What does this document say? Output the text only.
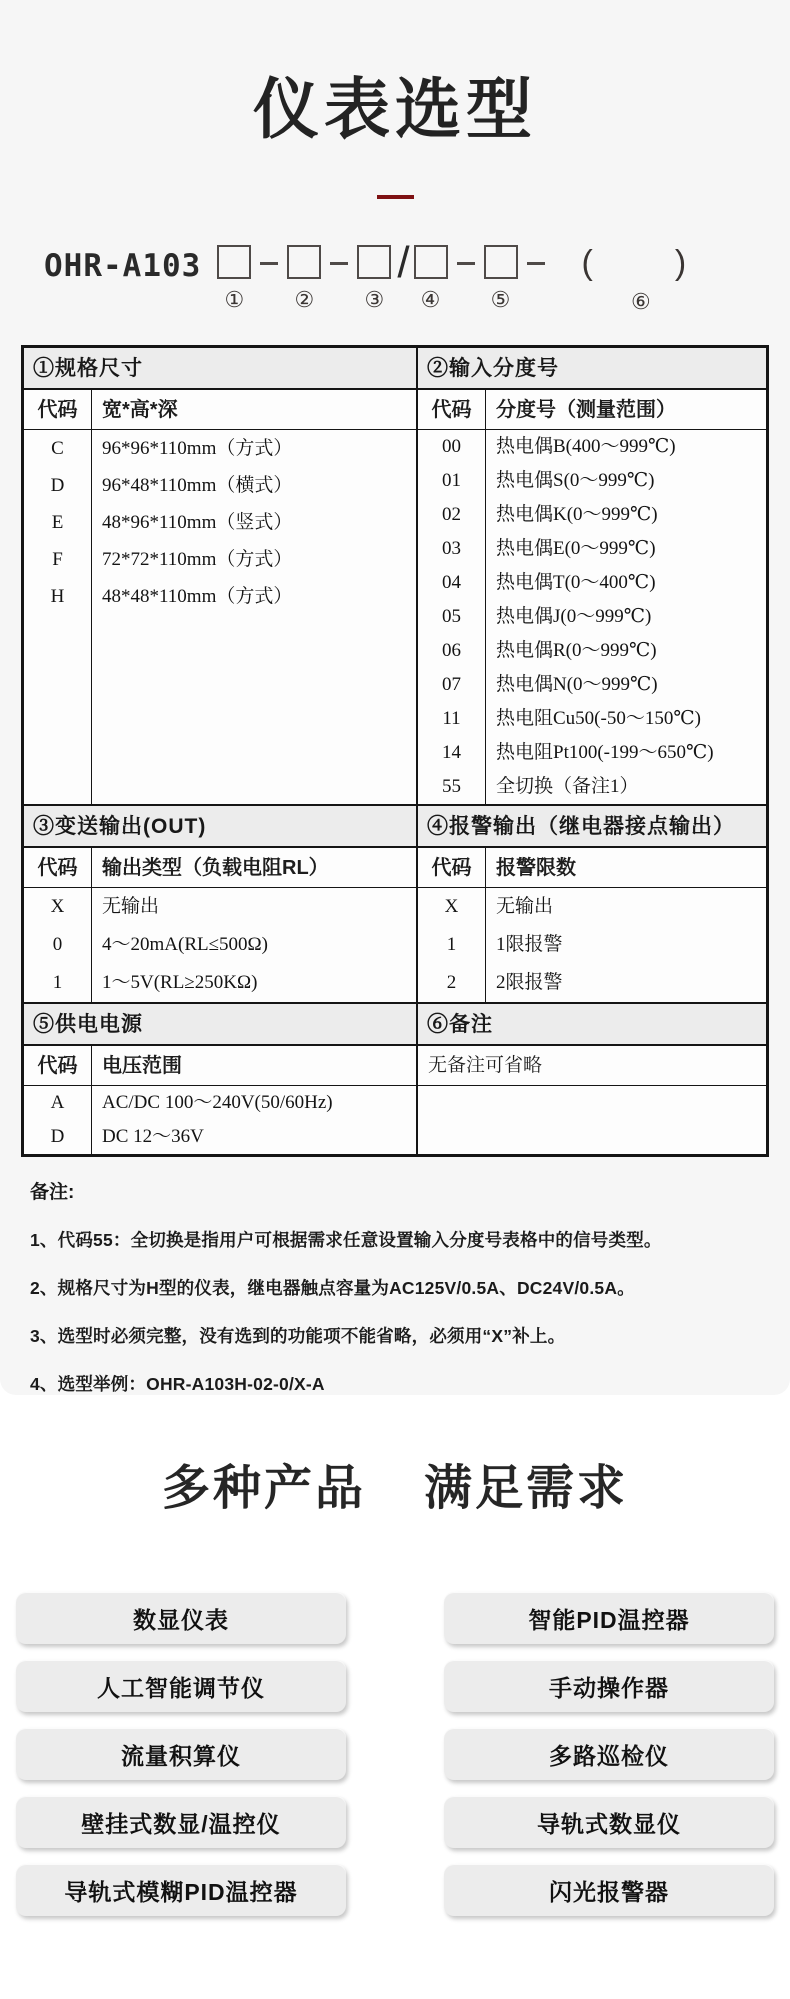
仪表选型
OHR-A103
① ② ③
/
④ ⑤
(　)
⑥
①规格尺寸
代码	宽*高*深
C	96*96*110mm（方式）
D	96*48*110mm（横式）
E	48*96*110mm（竖式）
F	72*72*110mm（方式）
H	48*48*110mm（方式）
②输入分度号
代码	分度号（测量范围）
00	热电偶B(400～999℃)
01	热电偶S(0～999℃)
02	热电偶K(0～999℃)
03	热电偶E(0～999℃)
04	热电偶T(0～400℃)
05	热电偶J(0～999℃)
06	热电偶R(0～999℃)
07	热电偶N(0～999℃)
11	热电阻Cu50(-50～150℃)
14	热电阻Pt100(-199～650℃)
55	全切换（备注1）
③变送输出(OUT)
代码	输出类型（负载电阻RL）
X	无输出
0	4～20mA(RL≤500Ω)
1	1～5V(RL≥250KΩ)
④报警输出（继电器接点输出）
代码	报警限数
X	无输出
1	1限报警
2	2限报警
⑤供电电源
代码	电压范围
A	AC/DC 100～240V(50/60Hz)
D	DC 12～36V
⑥备注
无备注可省略
备注:
1、代码55：全切换是指用户可根据需求任意设置输入分度号表格中的信号类型。
2、规格尺寸为H型的仪表，继电器触点容量为AC125V/0.5A、DC24V/0.5A。
3、选型时必须完整，没有选到的功能项不能省略，必须用“X”补上。
4、选型举例：OHR-A103H-02-0/X-A
多种产品 满足需求
数显仪表
人工智能调节仪
流量积算仪
壁挂式数显/温控仪
导轨式模糊PID温控器
智能PID温控器
手动操作器
多路巡检仪
导轨式数显仪
闪光报警器
